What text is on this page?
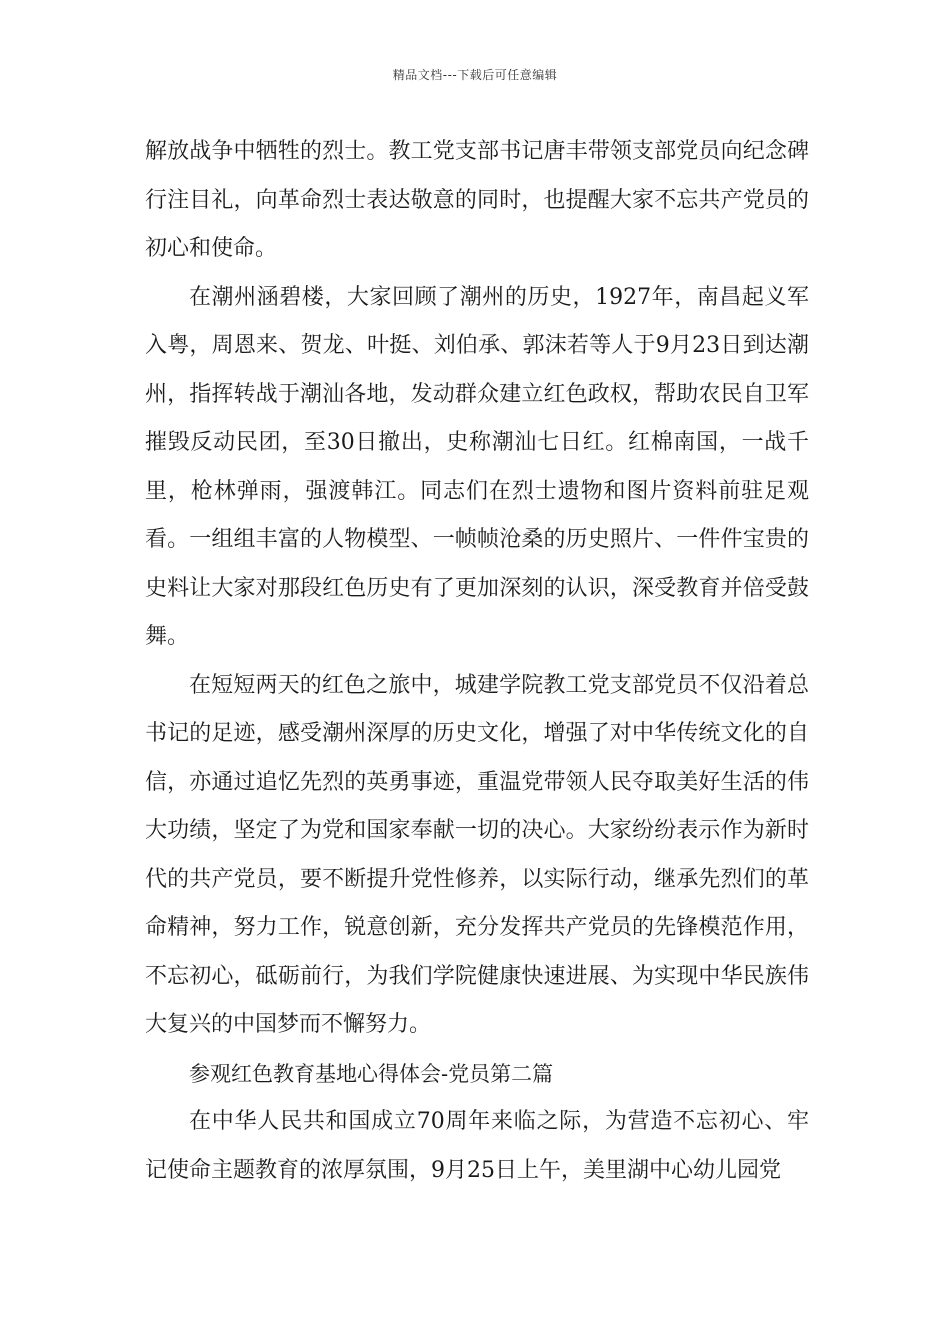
精品文档---下载后可任意编辑

解放战争中牺牲的烈士。教工党支部书记唐丰带领支部党员向纪念碑行注目礼，向革命烈士表达敬意的同时，也提醒大家不忘共产党员的初心和使命。

在潮州涵碧楼，大家回顾了潮州的历史，1927年，南昌起义军入粤，周恩来、贺龙、叶挺、刘伯承、郭沫若等人于9月23日到达潮州，指挥转战于潮汕各地，发动群众建立红色政权，帮助农民自卫军摧毁反动民团，至30日撤出，史称潮汕七日红。红棉南国，一战千里，枪林弹雨，强渡韩江。同志们在烈士遗物和图片资料前驻足观看。一组组丰富的人物模型、一帧帧沧桑的历史照片、一件件宝贵的史料让大家对那段红色历史有了更加深刻的认识，深受教育并倍受鼓舞。

在短短两天的红色之旅中，城建学院教工党支部党员不仅沿着总书记的足迹，感受潮州深厚的历史文化，增强了对中华传统文化的自信，亦通过追忆先烈的英勇事迹，重温党带领人民夺取美好生活的伟大功绩，坚定了为党和国家奉献一切的决心。大家纷纷表示作为新时代的共产党员，要不断提升党性修养，以实际行动，继承先烈们的革命精神，努力工作，锐意创新，充分发挥共产党员的先锋模范作用，不忘初心，砥砺前行，为我们学院健康快速进展、为实现中华民族伟大复兴的中国梦而不懈努力。

参观红色教育基地心得体会-党员第二篇

在中华人民共和国成立70周年来临之际，为营造不忘初心、牢记使命主题教育的浓厚氛围，9月25日上午，美里湖中心幼儿园党
